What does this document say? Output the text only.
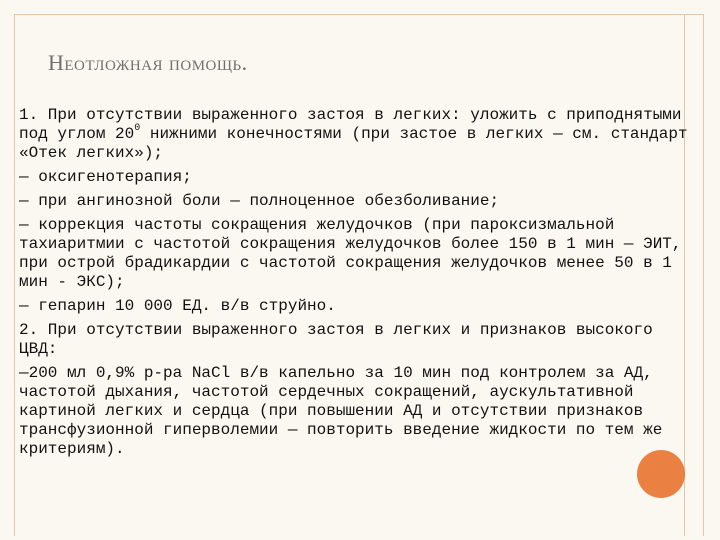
Неотложная помощь.

1. При отсутствии выраженного застоя в легких: уложить с приподнятыми под углом $20^0$ нижними конечностями (при застое в легких — см. стандарт «Отек легких»);

— оксигенотерапия;

— при ангинозной боли — полноценное обезболивание;

— коррекция частоты сокращения желудочков (при пароксизмальной тахиаритмии с частотой сокращения желудочков более 150 в 1 мин — ЭИТ, при острой брадикардии с частотой сокращения желудочков менее 50 в 1 мин - ЭКС);

— гепарин 10 000 ЕД. в/в струйно.

2. При отсутствии выраженного застоя в легких и признаков высокого ЦВД:

—200 мл 0,9% р-ра NaCl в/в капельно за 10 мин под контролем за АД, частотой дыхания, частотой сердечных сокращений, аускультативной картиной легких и сердца (при повышении АД и отсутствии признаков трансфузионной гиперволемии — повторить введение жидкости по тем же критериям).
